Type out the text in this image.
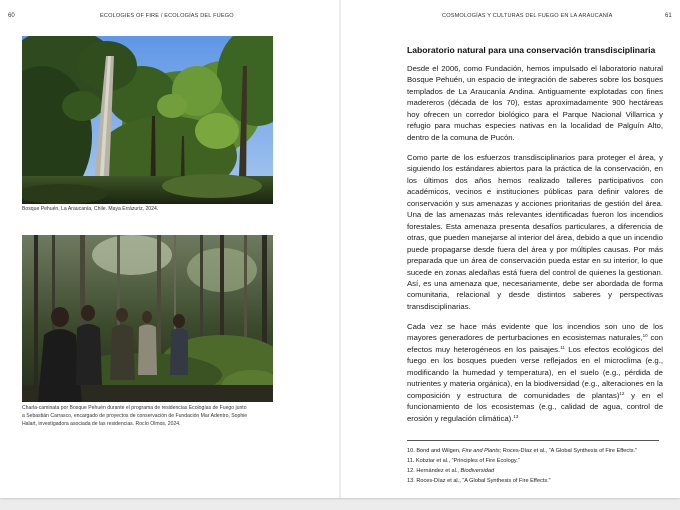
60	ECOLOGIES OF FIRE / ECOLOGÍAS DEL FUEGO
Bosque Pehuén, La Araucanía, Chile. Maya Errázuriz, 2024.
Charla-caminata por Bosque Pehuén durante el programa de residencias Ecologías de Fuego junto
a Sebastián Carrasco, encargado de proyectos de conservación de Fundación Mar Adentro, Sophie
Halart, investigadora asociada de las residencias. Rocío Olmos, 2024.
COSMOLOGÍAS Y CULTURAS DEL FUEGO EN LA ARAUCANÍA	61
Laboratorio natural para una conservación transdisciplinaria

Desde el 2006, como Fundación, hemos impulsado el laboratorio natural Bosque Pehuén, un espacio de integración de saberes sobre los bosques templados de La Araucanía Andina. Antiguamente explotadas con fines madereros (década de los 70), estas aproximadamente 900 hectáreas hoy ofrecen un corredor biológico para el Parque Nacional Villarrica y refugio para muchas especies nativas en la localidad de Palguín Alto, dentro de la comuna de Pucón.

Como parte de los esfuerzos transdisciplinarios para proteger el área, y siguiendo los estándares abiertos para la práctica de la conservación, en los últimos dos años hemos realizado talleres participativos con académicos, vecinos e instituciones públicas para definir valores de conservación y sus amenazas y acciones prioritarias de gestión del área. Una de las amenazas más relevantes identificadas fueron los incendios forestales. Esta amenaza presenta desafíos particulares, a diferencia de otras, que pueden manejarse al interior del área, debido a que un incendio puede propagarse desde fuera del área y por múltiples causas. Por más preparada que un área de conservación pueda estar en su interior, lo que sucede en zonas aledañas está fuera del control de quienes la gestionan. Así, es una amenaza que, necesariamente, debe ser abordada de forma comunitaria, relacional y desde distintos saberes y perspectivas transdisciplinarias.

Cada vez se hace más evidente que los incendios son uno de los mayores generadores de perturbaciones en ecosistemas naturales,$^{10}$ con efectos muy heterogéneos en los paisajes.$^{11}$ Los efectos ecológicos del fuego en los bosques pueden verse reflejados en el microclima (e.g., modificando la humedad y temperatura), en el suelo (e.g., pérdida de nutrientes y materia orgánica), en la biodiversidad (e.g., alteraciones en la composición y estructura de comunidades de plantas)$^{12}$ y en el funcionamiento de los ecosistemas (e.g., calidad de agua, control de erosión y regulación climática).$^{13}$

10. Bond and Wilgen, Fire and Plants; Roces-Díaz et al., “A Global Synthesis of Fire Effects.”
11. Kobziar et al., “Principles of Fire Ecology.”
12. Hernández et al., Biodiversidad
13. Roces-Díaz et al., “A Global Synthesis of Fire Effects.”
